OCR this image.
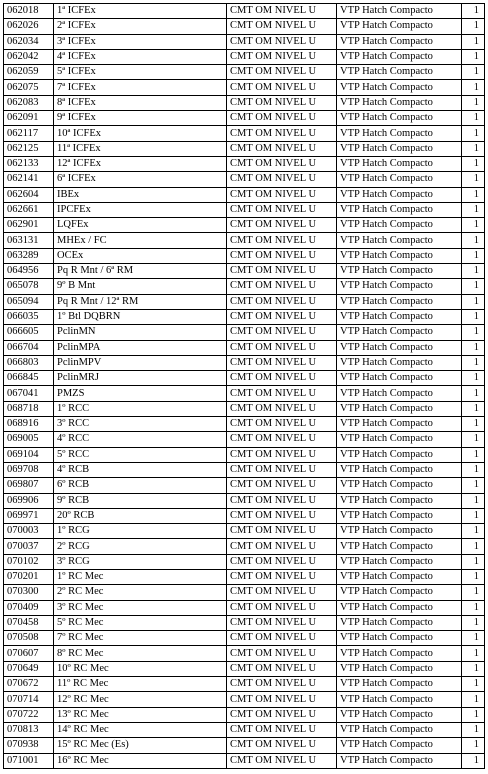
062018	1ª ICFEx	CMT OM NIVEL U	VTP Hatch Compacto	1
062026	2ª ICFEx	CMT OM NIVEL U	VTP Hatch Compacto	1
062034	3ª ICFEx	CMT OM NIVEL U	VTP Hatch Compacto	1
062042	4ª ICFEx	CMT OM NIVEL U	VTP Hatch Compacto	1
062059	5ª ICFEx	CMT OM NIVEL U	VTP Hatch Compacto	1
062075	7ª ICFEx	CMT OM NIVEL U	VTP Hatch Compacto	1
062083	8ª ICFEx	CMT OM NIVEL U	VTP Hatch Compacto	1
062091	9ª ICFEx	CMT OM NIVEL U	VTP Hatch Compacto	1
062117	10ª ICFEx	CMT OM NIVEL U	VTP Hatch Compacto	1
062125	11ª ICFEx	CMT OM NIVEL U	VTP Hatch Compacto	1
062133	12ª ICFEx	CMT OM NIVEL U	VTP Hatch Compacto	1
062141	6ª ICFEx	CMT OM NIVEL U	VTP Hatch Compacto	1
062604	IBEx	CMT OM NIVEL U	VTP Hatch Compacto	1
062661	IPCFEx	CMT OM NIVEL U	VTP Hatch Compacto	1
062901	LQFEx	CMT OM NIVEL U	VTP Hatch Compacto	1
063131	MHEx / FC	CMT OM NIVEL U	VTP Hatch Compacto	1
063289	OCEx	CMT OM NIVEL U	VTP Hatch Compacto	1
064956	Pq R Mnt / 6ª RM	CMT OM NIVEL U	VTP Hatch Compacto	1
065078	9º B Mnt	CMT OM NIVEL U	VTP Hatch Compacto	1
065094	Pq R Mnt / 12ª RM	CMT OM NIVEL U	VTP Hatch Compacto	1
066035	1º Btl DQBRN	CMT OM NIVEL U	VTP Hatch Compacto	1
066605	PclinMN	CMT OM NIVEL U	VTP Hatch Compacto	1
066704	PclinMPA	CMT OM NIVEL U	VTP Hatch Compacto	1
066803	PclinMPV	CMT OM NIVEL U	VTP Hatch Compacto	1
066845	PclinMRJ	CMT OM NIVEL U	VTP Hatch Compacto	1
067041	PMZS	CMT OM NIVEL U	VTP Hatch Compacto	1
068718	1º RCC	CMT OM NIVEL U	VTP Hatch Compacto	1
068916	3º RCC	CMT OM NIVEL U	VTP Hatch Compacto	1
069005	4º RCC	CMT OM NIVEL U	VTP Hatch Compacto	1
069104	5º RCC	CMT OM NIVEL U	VTP Hatch Compacto	1
069708	4º RCB	CMT OM NIVEL U	VTP Hatch Compacto	1
069807	6º RCB	CMT OM NIVEL U	VTP Hatch Compacto	1
069906	9º RCB	CMT OM NIVEL U	VTP Hatch Compacto	1
069971	20º RCB	CMT OM NIVEL U	VTP Hatch Compacto	1
070003	1º RCG	CMT OM NIVEL U	VTP Hatch Compacto	1
070037	2º RCG	CMT OM NIVEL U	VTP Hatch Compacto	1
070102	3º RCG	CMT OM NIVEL U	VTP Hatch Compacto	1
070201	1º RC Mec	CMT OM NIVEL U	VTP Hatch Compacto	1
070300	2º RC Mec	CMT OM NIVEL U	VTP Hatch Compacto	1
070409	3º RC Mec	CMT OM NIVEL U	VTP Hatch Compacto	1
070458	5º RC Mec	CMT OM NIVEL U	VTP Hatch Compacto	1
070508	7º RC Mec	CMT OM NIVEL U	VTP Hatch Compacto	1
070607	8º RC Mec	CMT OM NIVEL U	VTP Hatch Compacto	1
070649	10º RC Mec	CMT OM NIVEL U	VTP Hatch Compacto	1
070672	11º RC Mec	CMT OM NIVEL U	VTP Hatch Compacto	1
070714	12º RC Mec	CMT OM NIVEL U	VTP Hatch Compacto	1
070722	13º RC Mec	CMT OM NIVEL U	VTP Hatch Compacto	1
070813	14º RC Mec	CMT OM NIVEL U	VTP Hatch Compacto	1
070938	15º RC Mec (Es)	CMT OM NIVEL U	VTP Hatch Compacto	1
071001	16º RC Mec	CMT OM NIVEL U	VTP Hatch Compacto	1
